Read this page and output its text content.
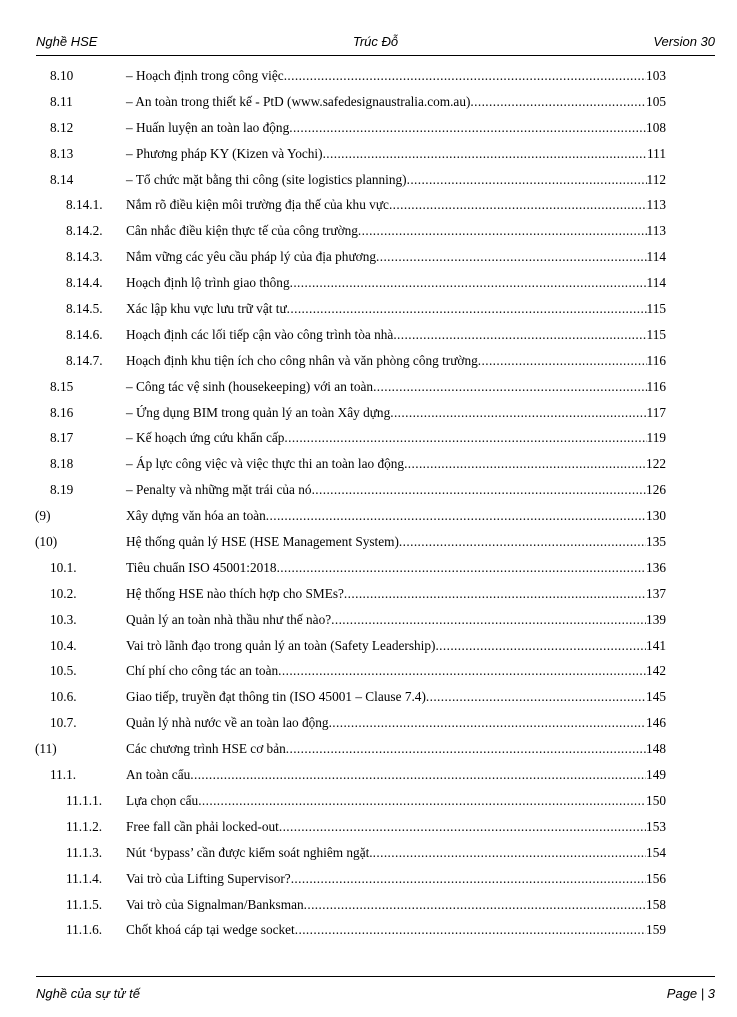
Nghề HSE	Trúc Đỗ	Version 30
8.10	– Hoạch định trong công việc .....	103
8.11	– An toàn trong thiết kế - PtD (www.safedesignaustralia.com.au) .....	105
8.12	– Huấn luyện an toàn lao động .....	108
8.13	– Phương pháp KY (Kizen và Yochi) .....	111
8.14	– Tổ chức mặt bằng thi công (site logistics planning) .....	112
8.14.1. Nắm rõ điều kiện môi trường địa thế của khu vực .....	113
8.14.2. Cân nhắc điều kiện thực tế của công trường .....	113
8.14.3. Nắm vững các yêu cầu pháp lý của địa phương .....	114
8.14.4. Hoạch định lộ trình giao thông .....	114
8.14.5. Xác lập khu vực lưu trữ vật tư .....	115
8.14.6. Hoạch định các lối tiếp cận vào công trình tòa nhà .....	115
8.14.7. Hoạch định khu tiện ích cho công nhân và văn phòng công trường .....	116
8.15	– Công tác vệ sinh (housekeeping) với an toàn .....	116
8.16	– Ứng dụng BIM trong quản lý an toàn Xây dựng .....	117
8.17	– Kế hoạch ứng cứu khẩn cấp .....	119
8.18	– Áp lực công việc và việc thực thi an toàn lao động .....	122
8.19	– Penalty và những mặt trái của nó .....	126
(9)	Xây dựng văn hóa an toàn .....	130
(10)	Hệ thống quản lý HSE (HSE Management System) .....	135
10.1.	Tiêu chuẩn ISO 45001:2018 .....	136
10.2.	Hệ thống HSE nào thích hợp cho SMEs? .....	137
10.3.	Quản lý an toàn nhà thầu như thế nào? .....	139
10.4.	Vai trò lãnh đạo trong quản lý an toàn (Safety Leadership) .....	141
10.5.	Chí phí cho công tác an toàn .....	142
10.6.	Giao tiếp, truyền đạt thông tin (ISO 45001 – Clause 7.4) .....	145
10.7.	Quản lý nhà nước về an toàn lao động .....	146
(11)	Các chương trình HSE cơ bản .....	148
11.1.	An toàn cẩu .....	149
11.1.1. Lựa chọn cẩu .....	150
11.1.2. Free fall cần phải locked-out .....	153
11.1.3. Nút ‘bypass’ cần được kiểm soát nghiêm ngặt. .....	154
11.1.4. Vai trò của Lifting Supervisor? .....	156
11.1.5. Vai trò của Signalman/Banksman .....	158
11.1.6. Chốt khoá cáp tại wedge socket .....	159
Nghề của sự tử tế	Page | 3
